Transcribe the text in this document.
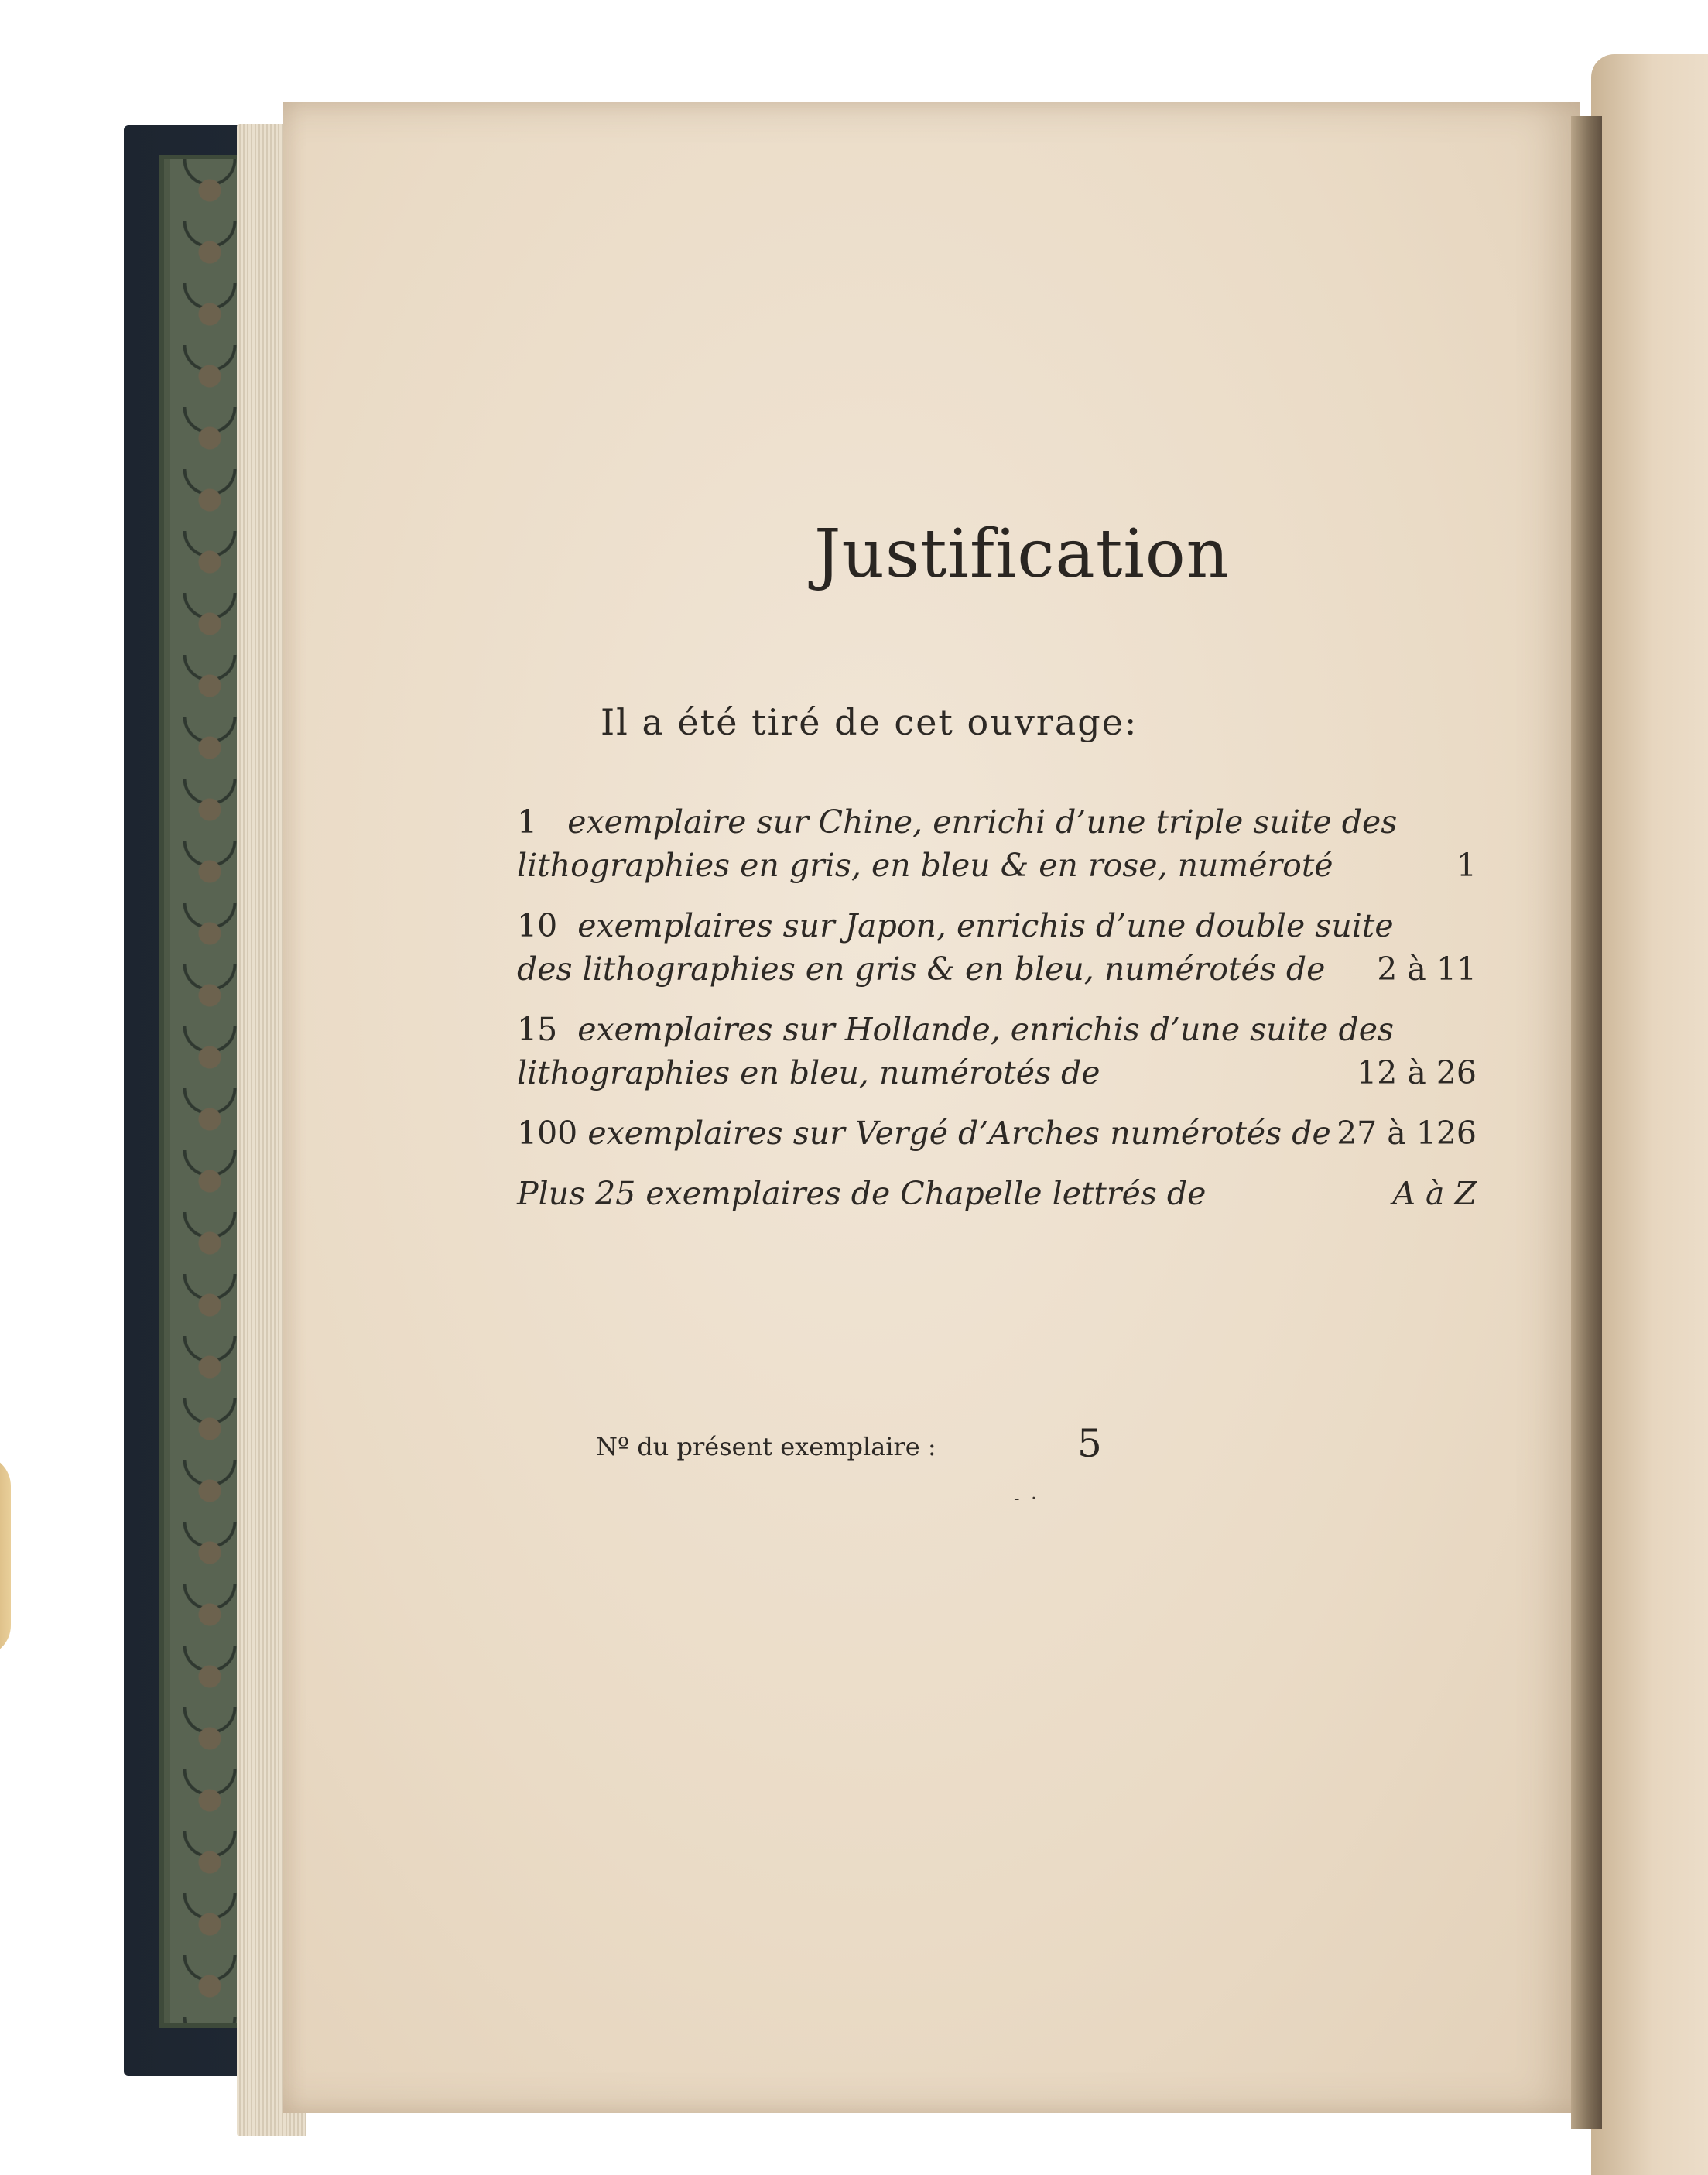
Justification
Il a été tiré de cet ouvrage:
1 exemplaire sur Chine, enrichi d’une triple suite des
lithographies en gris, en bleu & en rose, numéroté	1
10 exemplaires sur Japon, enrichis d’une double suite
des lithographies en gris & en bleu, numérotés de 2 à 11
15 exemplaires sur Hollande, enrichis d’une suite des
lithographies en bleu, numérotés de	12 à 26
100 exemplaires sur Vergé d’Arches numérotés de 27 à 126
Plus 25 exemplaires de Chapelle lettrés de	A à Z
Nº du présent exemplaire :	5
- ·
